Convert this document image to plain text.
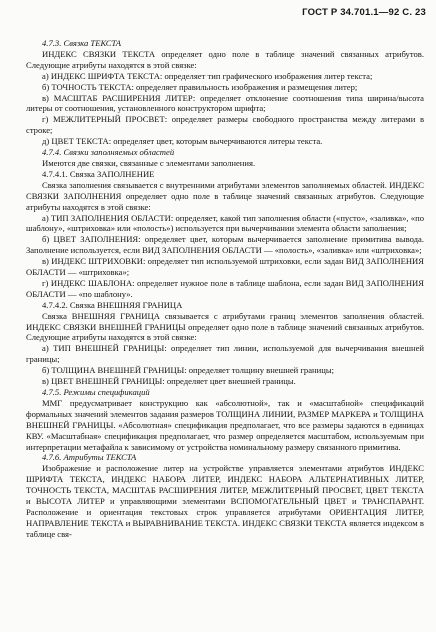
ГОСТ Р 34.701.1—92 С. 23

4.7.3. Связка ТЕКСТА

ИНДЕКС СВЯЗКИ ТЕКСТА определяет одно поле в таблице значений связанных атрибутов. Следующие атрибуты находятся в этой связке:

а) ИНДЕКС ШРИФТА ТЕКСТА: определяет тип графического изображения литер текста;

б) ТОЧНОСТЬ ТЕКСТА: определяет правильность изображения и размещения литер;

в) МАСШТАБ РАСШИРЕНИЯ ЛИТЕР: определяет отклонение соотношения типа ширина/высота литеры от соотношения, установленного конструктором шрифта;

г) МЕЖЛИТЕРНЫЙ ПРОСВЕТ: определяет размеры свободного пространства между литерами в строке;

д) ЦВЕТ ТЕКСТА: определяет цвет, которым вычерчиваются литеры текста.

4.7.4. Связки заполняемых областей

Имеются две связки, связанные с элементами заполнения.

4.7.4.1. Связка ЗАПОЛНЕНИЕ

Связка заполнения связывается с внутренними атрибутами элементов заполняемых областей. ИНДЕКС СВЯЗКИ ЗАПОЛНЕНИЯ определяет одно поле в таблице значений связанных атрибутов. Следующие атрибуты находятся в этой связке:

а) ТИП ЗАПОЛНЕНИЯ ОБЛАСТИ: определяет, какой тип заполнения области («пусто», «заливка», «по шаблону», «штриховка» или «полость») используется при вычерчивании элемента области заполнения;

б) ЦВЕТ ЗАПОЛНЕНИЯ: определяет цвет, которым вычерчивается заполнение примитива вывода. Заполнение используется, если ВИД ЗАПОЛНЕНИЯ ОБЛАСТИ — «полость», «заливка» или «штриховка»;

в) ИНДЕКС ШТРИХОВКИ: определяет тип используемой штриховки, если задан ВИД ЗАПОЛНЕНИЯ ОБЛАСТИ — «штриховка»;

г) ИНДЕКС ШАБЛОНА: определяет нужное поле в таблице шаблона, если задан ВИД ЗАПОЛНЕНИЯ ОБЛАСТИ — «по шаблону».

4.7.4.2. Связка ВНЕШНЯЯ ГРАНИЦА

Связка ВНЕШНЯЯ ГРАНИЦА связывается с атрибутами границ элементов заполнения областей. ИНДЕКС СВЯЗКИ ВНЕШНЕЙ ГРАНИЦЫ определяет одно поле в таблице значений связанных атрибутов. Следующие атрибуты находятся в этой связке:

а) ТИП ВНЕШНЕЙ ГРАНИЦЫ: определяет тип линии, используемой для вычерчивания внешней границы;

б) ТОЛЩИНА ВНЕШНЕЙ ГРАНИЦЫ: определяет толщину внешней границы;

в) ЦВЕТ ВНЕШНЕЙ ГРАНИЦЫ: определяет цвет внешней границы.

4.7.5. Режимы спецификаций

ММГ предусматривает конструкцию как «абсолютной», так и «масштабной» спецификаций формальных значений элементов задания размеров ТОЛЩИНА ЛИНИИ, РАЗМЕР МАРКЕРА и ТОЛЩИНА ВНЕШНЕЙ ГРАНИЦЫ. «Абсолютная» спецификация предполагает, что все размеры задаются в единицах КВУ. «Масштабная» спецификация предполагает, что размер определяется масштабом, используемым при интерпретации метафайла к зависимому от устройства номинальному размеру связанного примитива.

4.7.6. Атрибуты ТЕКСТА

Изображение и расположение литер на устройстве управляется элементами атрибутов ИНДЕКС ШРИФТА ТЕКСТА, ИНДЕКС НАБОРА ЛИТЕР, ИНДЕКС НАБОРА АЛЬТЕРНАТИВНЫХ ЛИТЕР, ТОЧНОСТЬ ТЕКСТА, МАСШТАБ РАСШИРЕНИЯ ЛИТЕР, МЕЖЛИТЕРНЫЙ ПРОСВЕТ, ЦВЕТ ТЕКСТА и ВЫСОТА ЛИТЕР и управляющими элементами ВСПОМОГАТЕЛЬНЫЙ ЦВЕТ и ТРАНСПАРАНТ. Расположение и ориентация текстовых строк управляется атрибутами ОРИЕНТАЦИЯ ЛИТЕР, НАПРАВЛЕНИЕ ТЕКСТА и ВЫРАВНИВАНИЕ ТЕКСТА. ИНДЕКС СВЯЗКИ ТЕКСТА является индексом в таблице свя-
